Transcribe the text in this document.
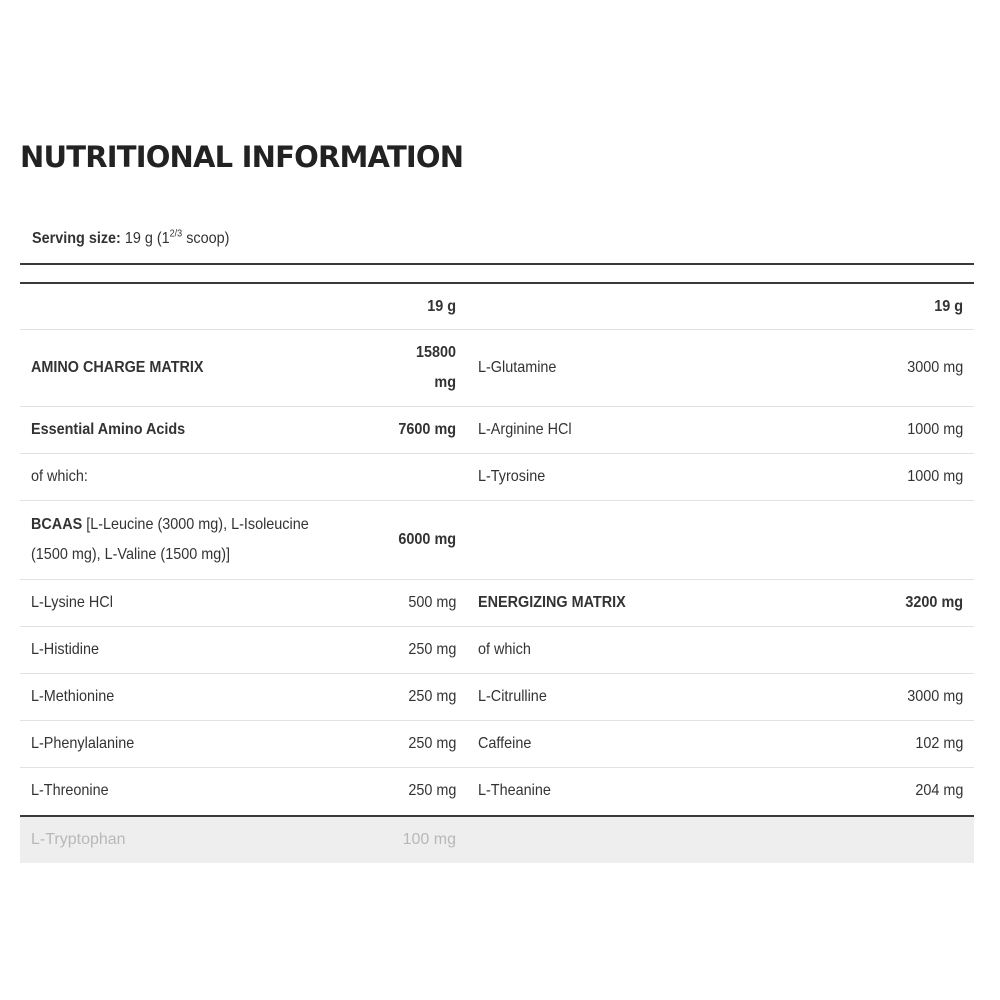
NUTRITIONAL INFORMATION
Serving size: 19 g ($1^{2/3}$ scoop)
	19 g		19 g
AMINO CHARGE MATRIX	15800 mg	L-Glutamine	3000 mg
Essential Amino Acids	7600 mg	L-Arginine HCl	1000 mg
of which:		L-Tyrosine	1000 mg
BCAAS [L-Leucine (3000 mg), L-Isoleucine (1500 mg), L-Valine (1500 mg)]	6000 mg		
L-Lysine HCl	500 mg	ENERGIZING MATRIX	3200 mg
L-Histidine	250 mg	of which	
L-Methionine	250 mg	L-Citrulline	3000 mg
L-Phenylalanine	250 mg	Caffeine	102 mg
L-Threonine	250 mg	L-Theanine	204 mg
L-Tryptophan	100 mg
